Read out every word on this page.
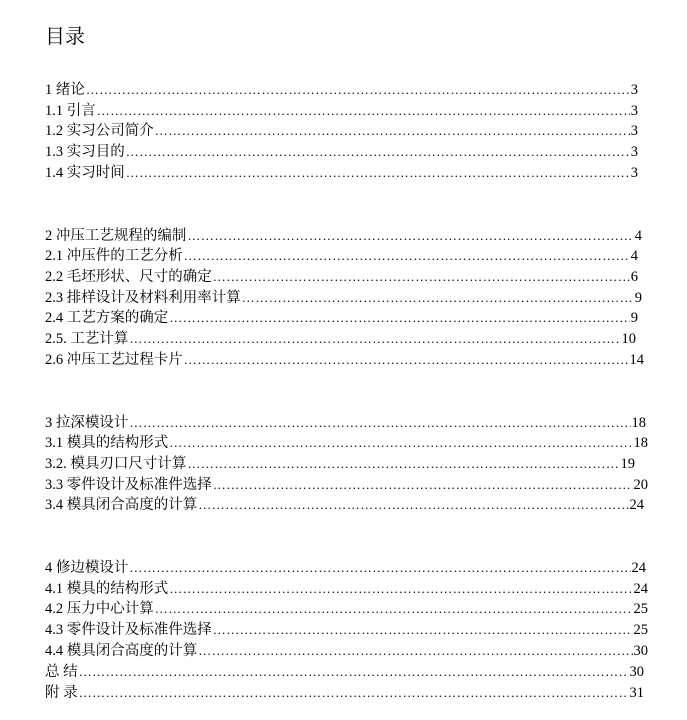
目录
1 绪论 ……………………………………………………………………………………………………………………………………………………………………………………………………………………………………………………………………………………………………………………………	3
1.1 引言 ……………………………………………………………………………………………………………………………………………………………………………………………………………………………………………………………………………………………………………………………	3
1.2 实习公司简介 ……………………………………………………………………………………………………………………………………………………………………………………………………………………………………………………………………………………………………………………………	3
1.3 实习目的 ……………………………………………………………………………………………………………………………………………………………………………………………………………………………………………………………………………………………………………………………	3
1.4 实习时间 ……………………………………………………………………………………………………………………………………………………………………………………………………………………………………………………………………………………………………………………………	3
2 冲压工艺规程的编制 ……………………………………………………………………………………………………………………………………………………………………………………………………………………………………………………………………………………………………………………………	4
2.1 冲压件的工艺分析 ……………………………………………………………………………………………………………………………………………………………………………………………………………………………………………………………………………………………………………………………	4
2.2 毛坯形状、尺寸的确定 ……………………………………………………………………………………………………………………………………………………………………………………………………………………………………………………………………………………………………………………………	6
2.3 排样设计及材料利用率计算 ……………………………………………………………………………………………………………………………………………………………………………………………………………………………………………………………………………………………………………………………	9
2.4 工艺方案的确定 ……………………………………………………………………………………………………………………………………………………………………………………………………………………………………………………………………………………………………………………………	9
2.5. 工艺计算 ……………………………………………………………………………………………………………………………………………………………………………………………………………………………………………………………………………………………………………………………	10
2.6 冲压工艺过程卡片 ……………………………………………………………………………………………………………………………………………………………………………………………………………………………………………………………………………………………………………………………	14
3 拉深模设计 ……………………………………………………………………………………………………………………………………………………………………………………………………………………………………………………………………………………………………………………………	18
3.1 模具的结构形式 ……………………………………………………………………………………………………………………………………………………………………………………………………………………………………………………………………………………………………………………………	18
3.2. 模具刃口尺寸计算 ……………………………………………………………………………………………………………………………………………………………………………………………………………………………………………………………………………………………………………………………	19
3.3 零件设计及标准件选择 ……………………………………………………………………………………………………………………………………………………………………………………………………………………………………………………………………………………………………………………………	20
3.4 模具闭合高度的计算 ……………………………………………………………………………………………………………………………………………………………………………………………………………………………………………………………………………………………………………………………	24
4 修边模设计 ……………………………………………………………………………………………………………………………………………………………………………………………………………………………………………………………………………………………………………………………	24
4.1 模具的结构形式 ……………………………………………………………………………………………………………………………………………………………………………………………………………………………………………………………………………………………………………………………	24
4.2 压力中心计算 ……………………………………………………………………………………………………………………………………………………………………………………………………………………………………………………………………………………………………………………………	25
4.3 零件设计及标准件选择 ……………………………………………………………………………………………………………………………………………………………………………………………………………………………………………………………………………………………………………………………	25
4.4 模具闭合高度的计算 ……………………………………………………………………………………………………………………………………………………………………………………………………………………………………………………………………………………………………………………………	30
总 结 ……………………………………………………………………………………………………………………………………………………………………………………………………………………………………………………………………………………………………………………………	30
附 录 ……………………………………………………………………………………………………………………………………………………………………………………………………………………………………………………………………………………………………………………………	31
